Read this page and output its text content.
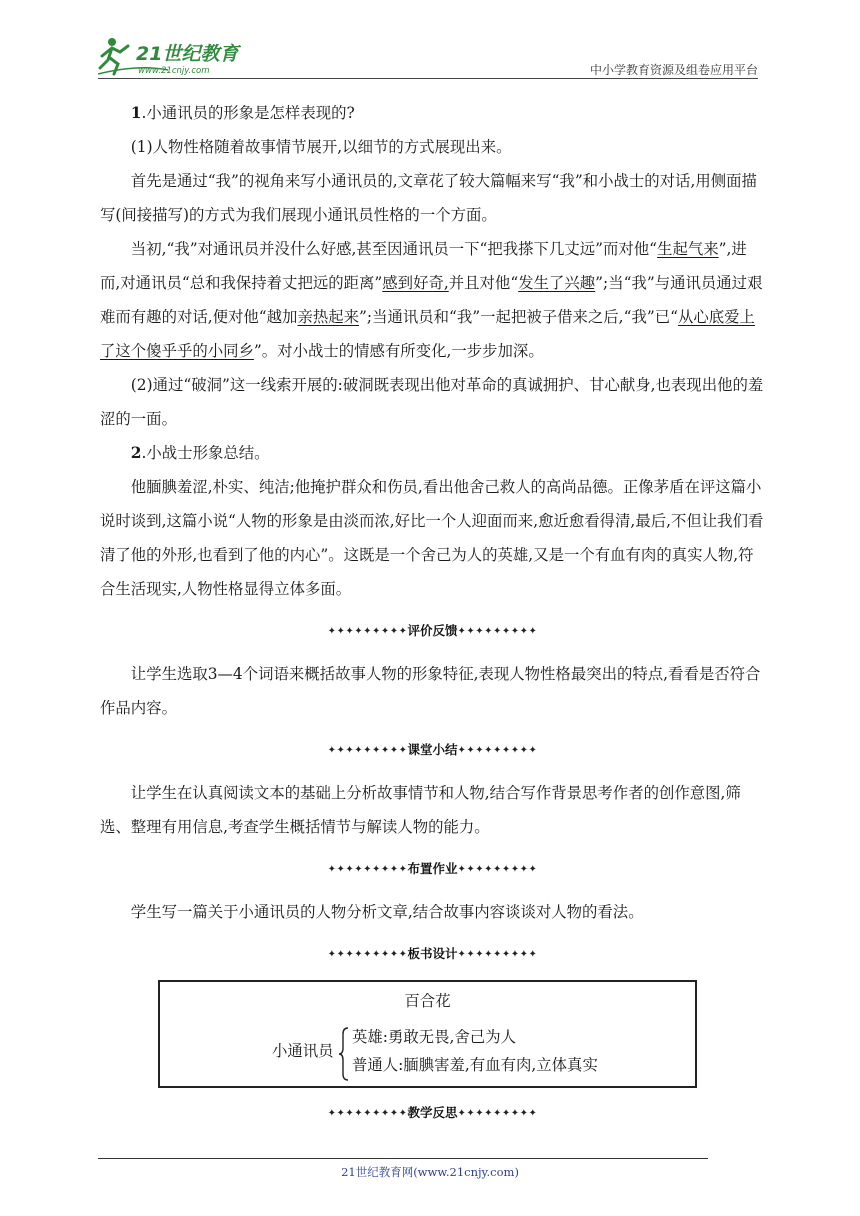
21世纪教育
www.21cnjy.com	中小学教育资源及组卷应用平台

1.小通讯员的形象是怎样表现的?

(1)人物性格随着故事情节展开,以细节的方式展现出来。

首先是通过“我”的视角来写小通讯员的,文章花了较大篇幅来写“我”和小战士的对话,用侧面描写(间接描写)的方式为我们展现小通讯员性格的一个方面。

当初,“我”对通讯员并没什么好感,甚至因通讯员一下“把我搽下几丈远”而对他“生起气来”,进而,对通讯员“总和我保持着丈把远的距离”感到好奇,并且对他“发生了兴趣”;当“我”与通讯员通过艰难而有趣的对话,便对他“越加亲热起来”;当通讯员和“我”一起把被子借来之后,“我”已“从心底爱上了这个傻乎乎的小同乡”。对小战士的情感有所变化,一步步加深。

(2)通过“破洞”这一线索开展的:破洞既表现出他对革命的真诚拥护、甘心献身,也表现出他的羞涩的一面。

2.小战士形象总结。

他腼腆羞涩,朴实、纯洁;他掩护群众和伤员,看出他舍己救人的高尚品德。正像茅盾在评这篇小说时谈到,这篇小说“人物的形象是由淡而浓,好比一个人迎面而来,愈近愈看得清,最后,不但让我们看清了他的外形,也看到了他的内心”。这既是一个舍己为人的英雄,又是一个有血有肉的真实人物,符合生活现实,人物性格显得立体多面。

✦✦✦✦✦✦✦✦✦评价反馈✦✦✦✦✦✦✦✦✦

让学生选取3—4个词语来概括故事人物的形象特征,表现人物性格最突出的特点,看看是否符合作品内容。

✦✦✦✦✦✦✦✦✦课堂小结✦✦✦✦✦✦✦✦✦

让学生在认真阅读文本的基础上分析故事情节和人物,结合写作背景思考作者的创作意图,筛选、整理有用信息,考查学生概括情节与解读人物的能力。

✦✦✦✦✦✦✦✦✦布置作业✦✦✦✦✦✦✦✦✦

学生写一篇关于小通讯员的人物分析文章,结合故事内容谈谈对人物的看法。

✦✦✦✦✦✦✦✦✦板书设计✦✦✦✦✦✦✦✦✦
百合花
小通讯员
英雄:勇敢无畏,舍己为人
普通人:腼腆害羞,有血有肉,立体真实
✦✦✦✦✦✦✦✦✦教学反思✦✦✦✦✦✦✦✦✦
21世纪教育网(www.21cnjy.com)
